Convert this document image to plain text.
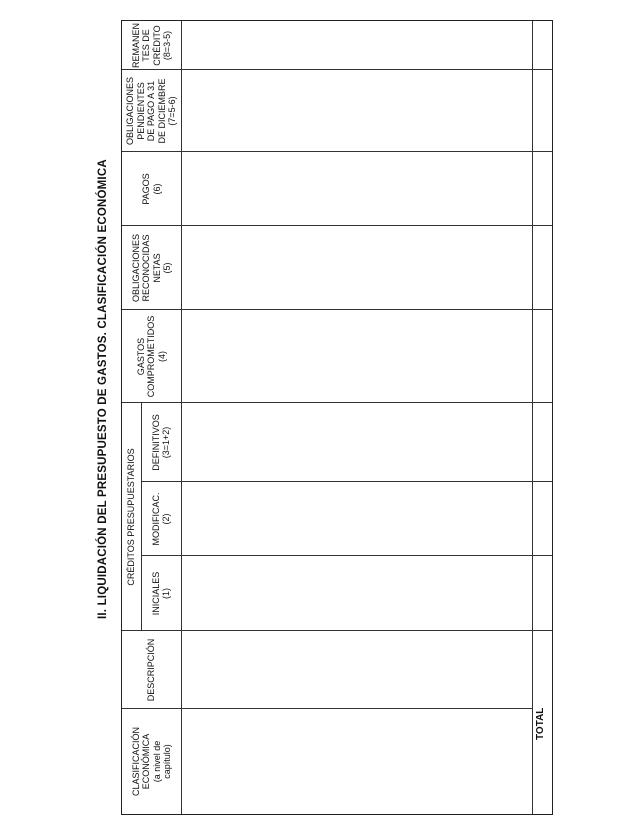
II. LIQUIDACIÓN DEL PRESUPUESTO DE GASTOS. CLASIFICACIÓN ECONÓMICA
CLASIFICACIÓN ECONÓMICA (a nivel de capítulo)
DESCRIPCIÓN
CRÉDITOS PRESUPUESTARIOS
INICIALES (1)
MODIFICAC. (2)
DEFINITIVOS (3=1+2)
GASTOS COMPROMETIDOS (4)
OBLIGACIONES RECONOCIDAS NETAS (5)
PAGOS (6)
OBLIGACIONES PENDIENTES DE PAGO A 31 DE DICIEMBRE (7=5-6)
REMANEN TES DE CRÉDITO (8=3-5)
TOTAL
